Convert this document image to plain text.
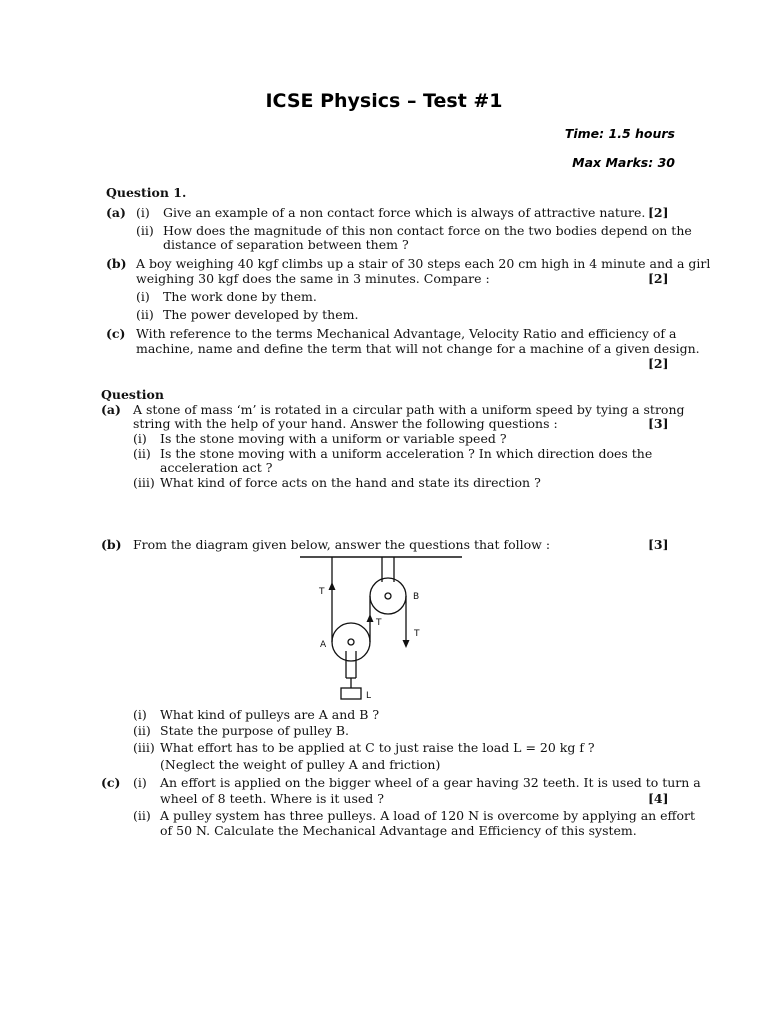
ICSE Physics – Test #1
Time: 1.5 hours
Max Marks: 30
Question 1.
(a) (i) Give an example of a non contact force which is always of attractive nature. [2]
(ii) How does the magnitude of this non contact force on the two bodies depend on the
distance of separation between them ?
(b) A boy weighing 40 kgf climbs up a stair of 30 steps each 20 cm high in 4 minute and a girl
weighing 30 kgf does the same in 3 minutes. Compare :	[2]
(i) The work done by them.
(ii) The power developed by them.
(c) With reference to the terms Mechanical Advantage, Velocity Ratio and efficiency of a
machine, name and define the term that will not change for a machine of a given design.
[2]
Question
(a) A stone of mass ‘m’ is rotated in a circular path with a uniform speed by tying a strong
string with the help of your hand. Answer the following questions :	[3]
(i) Is the stone moving with a uniform or variable speed ?
(ii) Is the stone moving with a uniform acceleration ? In which direction does the
acceleration act ?
(iii) What kind of force acts on the hand and state its direction ?
(b) From the diagram given below, answer the questions that follow :	[3]
T	B
T
T
A
L
(i) What kind of pulleys are A and B ?
(ii) State the purpose of pulley B.
(iii) What effort has to be applied at C to just raise the load L = 20 kg f ?
(Neglect the weight of pulley A and friction)
(c) (i) An effort is applied on the bigger wheel of a gear having 32 teeth. It is used to turn a
wheel of 8 teeth. Where is it used ?	[4]
(ii) A pulley system has three pulleys. A load of 120 N is overcome by applying an effort
of 50 N. Calculate the Mechanical Advantage and Efficiency of this system.
